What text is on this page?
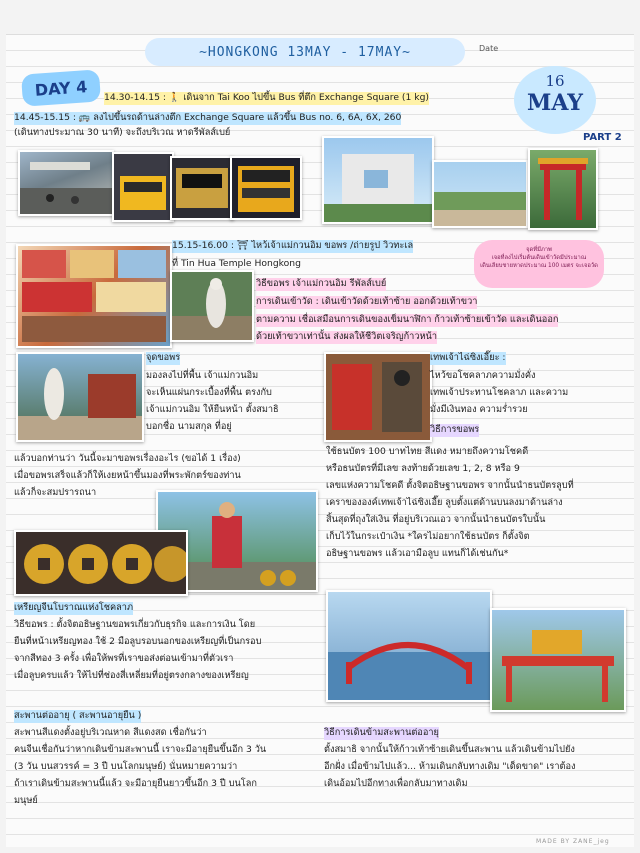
~HONGKONG 13MAY - 17MAY~	Date
DAY 4	16
MAY
PART 2
14.30-14.15 : 🚶 เดินจาก Tai Koo ไปขึ้น Bus ที่ตึก Exchange Square (1 kg)
14.45-15.15 : 🚌 ลงไปขึ้นรถด้านล่างตึก Exchange Square แล้วขึ้น Bus no. 6, 6A, 6X, 260
(เดินทางประมาณ 30 นาที) จะถึงบริเวณ หาดรีพัลส์เบย์
15.15-16.00 : ⛩ ไหว้เจ้าแม่กวนอิม ขอพร /ถ่ายรูป วิวทะเล
ที่ Tin Hua Temple Hongkong
จุดที่มีภาพ
เจอที่ลงไปเริ่มต้นเดินเข้าวัดมีประมาณ
เดินเลียบชายหาดประมาณ 100 เมตร จะเจอวัด
วิธีขอพร เจ้าแม่กวนอิม รีพัลส์เบย์
การเดินเข้าวัด : เดินเข้าวัดด้วยเท้าซ้าย ออกด้วยเท้าขวา
ตามความ เชื่อเสมือนการเดินของเข็มนาฬิกา ก้าวเท้าซ้ายเข้าวัด และเดินออก
ด้วยเท้าขวาเท่านั้น ส่งผลให้ชีวิตเจริญก้าวหน้า
จุดขอพร
มองลงไปที่พื้น เจ้าแม่กวนอิม
จะเห็นแผ่นกระเบื้องที่พื้น ตรงกับ
เจ้าแม่กวนอิม ให้ยืนหน้า ตั้งสมาธิ
บอกชื่อ นามสกุล ที่อยู่
แล้วบอกท่านว่า วันนี้จะมาขอพรเรื่องอะไร (ขอได้ 1 เรื่อง)
เมื่อขอพรเสร็จแล้วก็ให้เงยหน้าขึ้นมองที่พระพักตร์ของท่าน
แล้วก็จะสมปรารถนา
เทพเจ้าไฉ่ซิงเอี๊ยะ :
ไหว้ขอโชคลาภความมั่งคั่ง
เทพเจ้าประทานโชคลาภ และความ
มั่งมีเงินทอง ความร่ำรวย
วิธีการขอพร
ใช้ธนบัตร 100 บาทไทย สีแดง หมายถึงความโชคดี
หรือธนบัตรที่มีเลข ลงท้ายด้วยเลข 1, 2, 8 หรือ 9
เลขแห่งความโชคดี ตั้งจิตอธิษฐานขอพร จากนั้นนำธนบัตรลูบที่
เคราขององค์เทพเจ้าไฉ่ซิงเอี๊ย ลูบตั้งแต่ด้านบนลงมาด้านล่าง
สิ้นสุดที่ถุงใส่เงิน ที่อยู่บริเวณเอว จากนั้นนำธนบัตรใบนั้น
เก็บไว้ในกระเป๋าเงิน *ใครไม่อยากใช้ธนบัตร ก็ตั้งจิต
อธิษฐานขอพร แล้วเอามือลูบ แทนก็ได้เช่นกัน*
เหรียญจีนโบราณแห่งโชคลาภ
วิธีขอพร : ตั้งจิตอธิษฐานขอพรเกี่ยวกับธุรกิจ และการเงิน โดย
ยืนที่หน้าเหรียญทอง ใช้ 2 มือลูบรอบนอกของเหรียญที่เป็นกรอบ
จากสีทอง 3 ครั้ง เพื่อให้พรที่เราขอส่งต่อนเข้ามาที่ตัวเรา
เมื่อลูบครบแล้ว ให้ไปที่ช่องสี่เหลี่ยมที่อยู่ตรงกลางของเหรียญ
สะพานต่ออายุ ( สะพานอายุยืน )
สะพานสีแดงตั้งอยู่บริเวณหาด สีแดงสด เชื่อกันว่า
คนจีนเชื่อกันว่าหากเดินข้ามสะพานนี้ เราจะมีอายุยืนขึ้นอีก 3 วัน
(3 วัน บนสวรรค์ = 3 ปี บนโลกมนุษย์) นั่นหมายความว่า
ถ้าเราเดินข้ามสะพานนี้แล้ว จะมีอายุยืนยาวขึ้นอีก 3 ปี บนโลก
มนุษย์
วิธีการเดินข้ามสะพานต่ออายุ
ตั้งสมาธิ จากนั้นให้ก้าวเท้าซ้ายเดินขึ้นสะพาน แล้วเดินข้ามไปยัง
อีกฝั่ง เมื่อข้ามไปแล้ว... ห้ามเดินกลับทางเดิม "เด็ดขาด" เราต้อง
เดินอ้อมไปอีกทางเพื่อกลับมาทางเดิม
MADE BY ZANE_jeg
